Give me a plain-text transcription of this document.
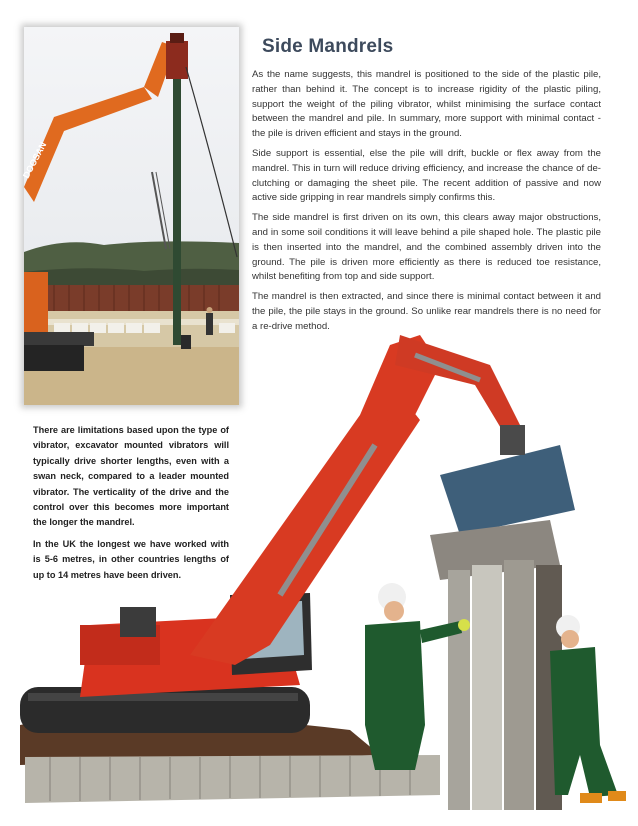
DOOSAN
Side Mandrels

As the name suggests, this mandrel is positioned to the side of the plastic pile, rather than behind it. The concept is to increase rigidity of the plastic piling, support the weight of the piling vibrator, whilst minimising the surface contact between the mandrel and pile. In summary, more support with minimal contact - the pile is driven efficient and stays in the ground.

Side support is essential, else the pile will drift, buckle or flex away from the mandrel. This in turn will reduce driving efficiency, and increase the chance of de-clutching or damaging the sheet pile. The recent addition of passive and now active side gripping in rear mandrels simply confirms this.

The side mandrel is first driven on its own, this clears away major obstructions, and in some soil conditions it will leave behind a pile shaped hole. The plastic pile is then inserted into the mandrel, and the combined assembly driven into the ground. The pile is driven more efficiently as there is reduced toe resistance, whilst benefiting from top and side support.

The mandrel is then extracted, and since there is minimal contact between it and the pile, the pile stays in the ground. So unlike rear mandrels there is no need for a re-drive method.

There are limitations based upon the type of vibrator, excavator mounted vibrators will typically drive shorter lengths, even with a swan neck, compared to a leader mounted vibrator. The verticality of the drive and the control over this becomes more important the longer the mandrel.

In the UK the longest we have worked with is 5-6 metres, in other countries lengths of up to 14 metres have been driven.
